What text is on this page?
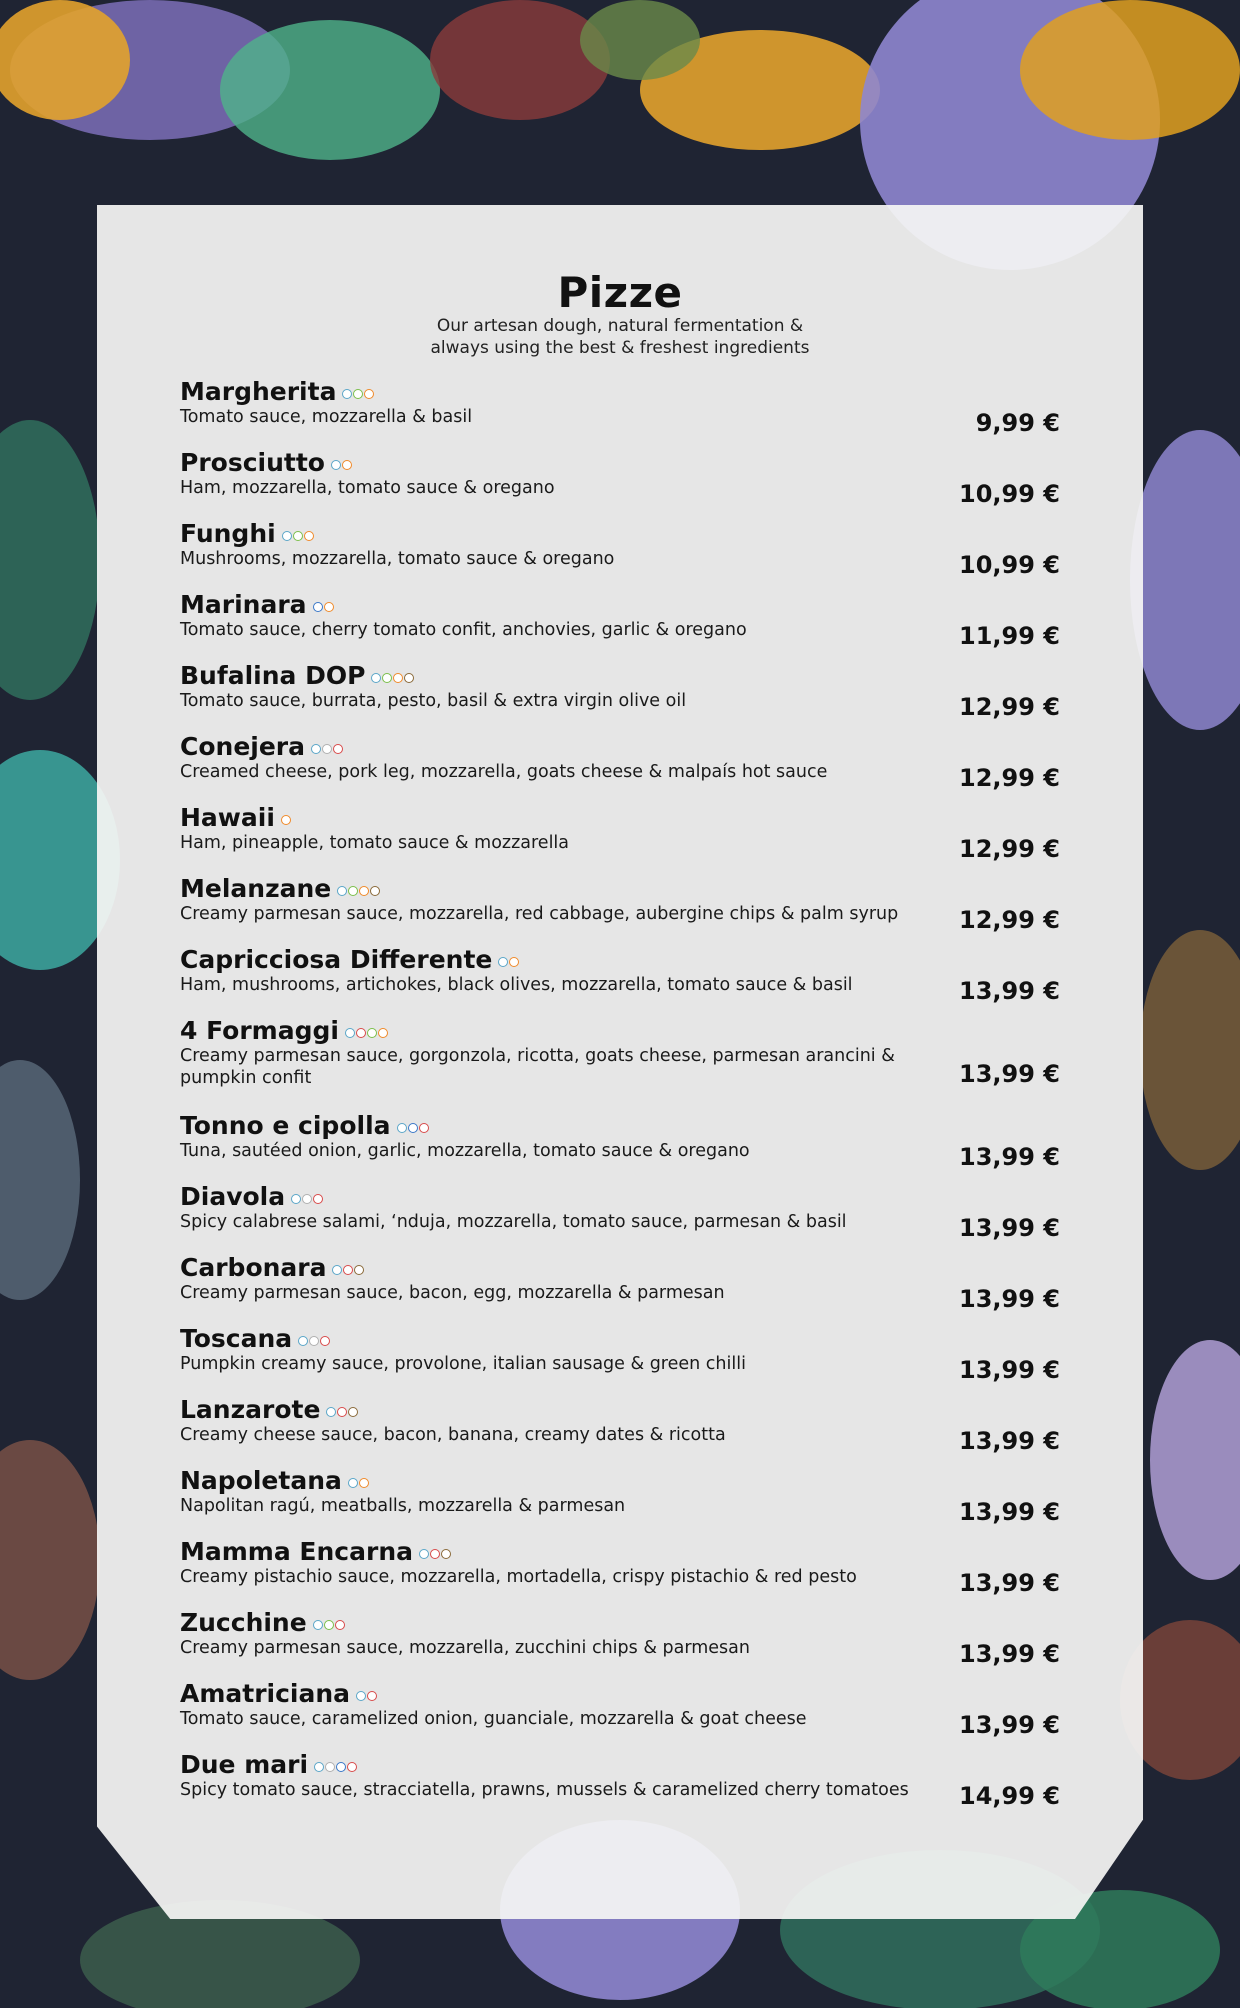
Pizze
Our artesan dough, natural fermentation &
always using the best & freshest ingredients
Margherita
Tomato sauce, mozzarella & basil	9,99 €
Prosciutto
Ham, mozzarella, tomato sauce & oregano	10,99 €
Funghi
Mushrooms, mozzarella, tomato sauce & oregano	10,99 €
Marinara
Tomato sauce, cherry tomato confit, anchovies, garlic & oregano	11,99 €
Bufalina DOP
Tomato sauce, burrata, pesto, basil & extra virgin olive oil	12,99 €
Conejera
Creamed cheese, pork leg, mozzarella, goats cheese & malpaís hot sauce	12,99 €
Hawaii
Ham, pineapple, tomato sauce & mozzarella	12,99 €
Melanzane
Creamy parmesan sauce, mozzarella, red cabbage, aubergine chips & palm syrup	12,99 €
Capricciosa Differente
Ham, mushrooms, artichokes, black olives, mozzarella, tomato sauce & basil	13,99 €
4 Formaggi
Creamy parmesan sauce, gorgonzola, ricotta, goats cheese, parmesan arancini & pumpkin confit	13,99 €
Tonno e cipolla
Tuna, sautéed onion, garlic, mozzarella, tomato sauce & oregano	13,99 €
Diavola
Spicy calabrese salami, ‘nduja, mozzarella, tomato sauce, parmesan & basil	13,99 €
Carbonara
Creamy parmesan sauce, bacon, egg, mozzarella & parmesan	13,99 €
Toscana
Pumpkin creamy sauce, provolone, italian sausage & green chilli	13,99 €
Lanzarote
Creamy cheese sauce, bacon, banana, creamy dates & ricotta	13,99 €
Napoletana
Napolitan ragú, meatballs, mozzarella & parmesan	13,99 €
Mamma Encarna
Creamy pistachio sauce, mozzarella, mortadella, crispy pistachio & red pesto	13,99 €
Zucchine
Creamy parmesan sauce, mozzarella, zucchini chips & parmesan	13,99 €
Amatriciana
Tomato sauce, caramelized onion, guanciale, mozzarella & goat cheese	13,99 €
Due mari
Spicy tomato sauce, stracciatella, prawns, mussels & caramelized cherry tomatoes	14,99 €
